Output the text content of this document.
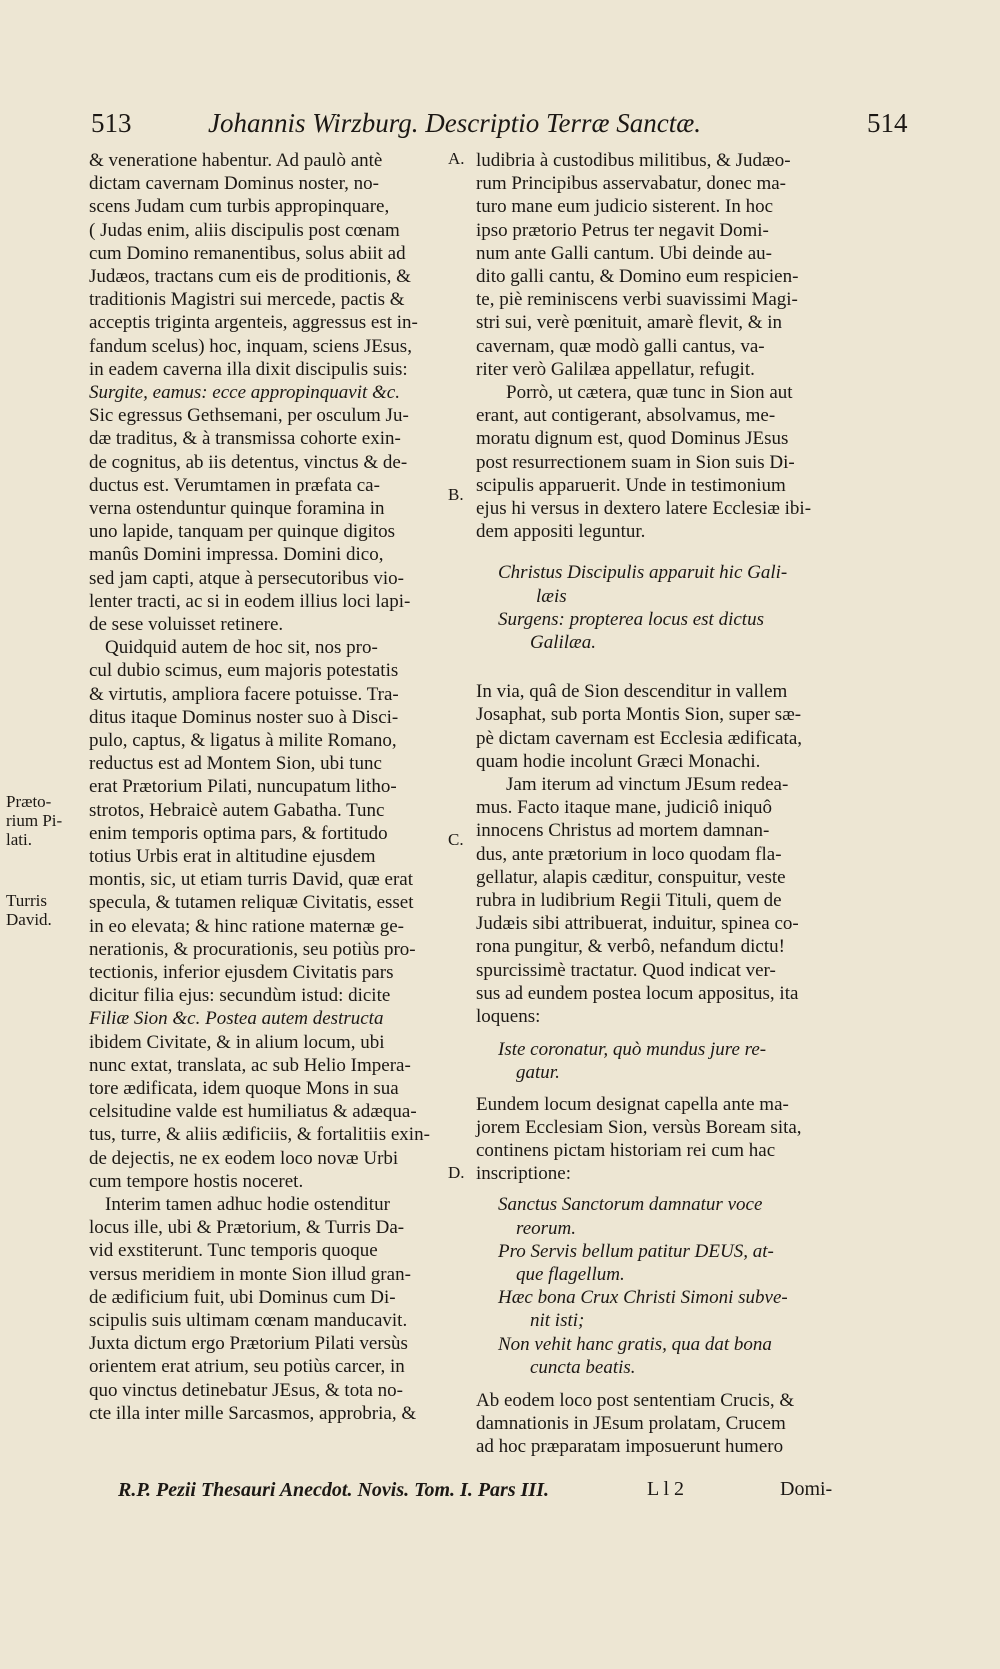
513	Johannis Wirzburg. Descriptio Terræ Sanctæ.	514
Præto-
rium Pi-
lati.
Turris
David.
A.
B.
C.
D.
& veneratione habentur. Ad paulò antè
dictam cavernam Dominus noster, no-
scens Judam cum turbis appropinquare,
( Judas enim, aliis discipulis post cœnam
cum Domino remanentibus, solus abiit ad
Judæos, tractans cum eis de proditionis, &
traditionis Magistri sui mercede, pactis &
acceptis triginta argenteis, aggressus est in-
fandum scelus) hoc, inquam, sciens JEsus,
in eadem caverna illa dixit discipulis suis:
Surgite, eamus: ecce appropinquavit &c.
Sic egressus Gethsemani, per osculum Ju-
dæ traditus, & à transmissa cohorte exin-
de cognitus, ab iis detentus, vinctus & de-
ductus est. Verumtamen in præfata ca-
verna ostenduntur quinque foramina in
uno lapide, tanquam per quinque digitos
manûs Domini impressa. Domini dico,
sed jam capti, atque à persecutoribus vio-
lenter tracti, ac si in eodem illius loci lapi-
de sese voluisset retinere.
Quidquid autem de hoc sit, nos pro-
cul dubio scimus, eum majoris potestatis
& virtutis, ampliora facere potuisse. Tra-
ditus itaque Dominus noster suo à Disci-
pulo, captus, & ligatus à milite Romano,
reductus est ad Montem Sion, ubi tunc
erat Prætorium Pilati, nuncupatum litho-
strotos, Hebraicè autem Gabatha. Tunc
enim temporis optima pars, & fortitudo
totius Urbis erat in altitudine ejusdem
montis, sic, ut etiam turris David, quæ erat
specula, & tutamen reliquæ Civitatis, esset
in eo elevata; & hinc ratione maternæ ge-
nerationis, & procurationis, seu potiùs pro-
tectionis, inferior ejusdem Civitatis pars
dicitur filia ejus: secundùm istud: dicite
Filiæ Sion &c. Postea autem destructa
ibidem Civitate, & in alium locum, ubi
nunc extat, translata, ac sub Helio Impera-
tore ædificata, idem quoque Mons in sua
celsitudine valde est humiliatus & adæqua-
tus, turre, & aliis ædificiis, & fortalitiis exin-
de dejectis, ne ex eodem loco novæ Urbi
cum tempore hostis noceret.
Interim tamen adhuc hodie ostenditur
locus ille, ubi & Prætorium, & Turris Da-
vid exstiterunt. Tunc temporis quoque
versus meridiem in monte Sion illud gran-
de ædificium fuit, ubi Dominus cum Di-
scipulis suis ultimam cœnam manducavit.
Juxta dictum ergo Prætorium Pilati versùs
orientem erat atrium, seu potiùs carcer, in
quo vinctus detinebatur JEsus, & tota no-
cte illa inter mille Sarcasmos, approbria, &
ludibria à custodibus militibus, & Judæo-
rum Principibus asservabatur, donec ma-
turo mane eum judicio sisterent. In hoc
ipso prætorio Petrus ter negavit Domi-
num ante Galli cantum. Ubi deinde au-
dito galli cantu, & Domino eum respicien-
te, piè reminiscens verbi suavissimi Magi-
stri sui, verè pœnituit, amarè flevit, & in
cavernam, quæ modò galli cantus, va-
riter verò Galilæa appellatur, refugit.
Porrò, ut cætera, quæ tunc in Sion aut
erant, aut contigerant, absolvamus, me-
moratu dignum est, quod Dominus JEsus
post resurrectionem suam in Sion suis Di-
scipulis apparuerit. Unde in testimonium
ejus hi versus in dextero latere Ecclesiæ ibi-
dem appositi leguntur.
Christus Discipulis apparuit hic Gali-
læis
Surgens: propterea locus est dictus
Galilæa.
In via, quâ de Sion descenditur in vallem
Josaphat, sub porta Montis Sion, super sæ-
pè dictam cavernam est Ecclesia ædificata,
quam hodie incolunt Græci Monachi.
Jam iterum ad vinctum JEsum redea-
mus. Facto itaque mane, judiciô iniquô
innocens Christus ad mortem damnan-
dus, ante prætorium in loco quodam fla-
gellatur, alapis cæditur, conspuitur, veste
rubra in ludibrium Regii Tituli, quem de
Judæis sibi attribuerat, induitur, spinea co-
rona pungitur, & verbô, nefandum dictu!
spurcissimè tractatur. Quod indicat ver-
sus ad eundem postea locum appositus, ita
loquens:
Iste coronatur, quò mundus jure re-
gatur.
Eundem locum designat capella ante ma-
jorem Ecclesiam Sion, versùs Boream sita,
continens pictam historiam rei cum hac
inscriptione:
Sanctus Sanctorum damnatur voce
reorum.
Pro Servis bellum patitur DEUS, at-
que flagellum.
Hæc bona Crux Christi Simoni subve-
nit isti;
Non vehit hanc gratis, qua dat bona
cuncta beatis.
Ab eodem loco post sententiam Crucis, &
damnationis in JEsum prolatam, Crucem
ad hoc præparatam imposuerunt humero
R.P. Pezii Thesauri Anecdot. Novis. Tom. I. Pars III.	L l 2	Domi-
